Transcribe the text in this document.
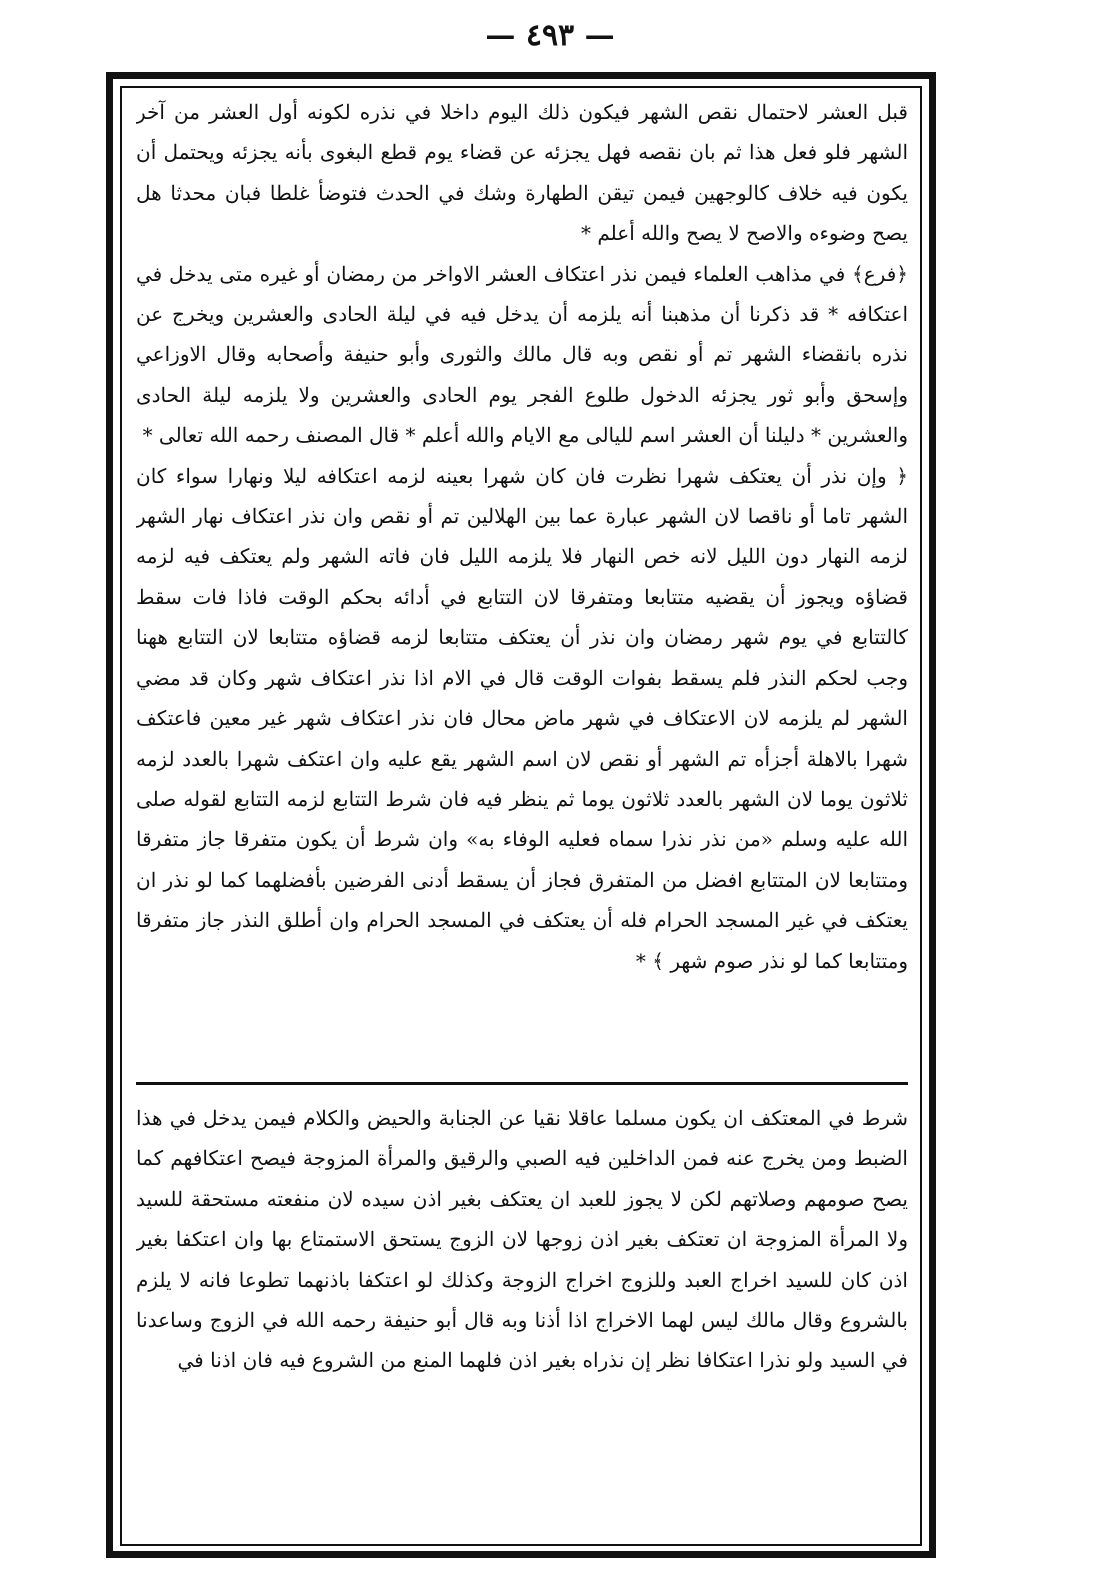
— ٤٩٣ —

قبل العشر لاحتمال نقص الشهر فيكون ذلك اليوم داخلا في نذره لكونه أول العشر من آخر الشهر فلو فعل هذا ثم بان نقصه فهل يجزئه عن قضاء يوم قطع البغوى بأنه يجزئه ويحتمل أن يكون فيه خلاف كالوجهين فيمن تيقن الطهارة وشك في الحدث فتوضأ غلطا فبان محدثا هل يصح وضوءه والاصح لا يصح والله أعلم *

﴿فرع﴾ في مذاهب العلماء فيمن نذر اعتكاف العشر الاواخر من رمضان أو غيره متى يدخل في اعتكافه * قد ذكرنا أن مذهبنا أنه يلزمه أن يدخل فيه في ليلة الحادى والعشرين ويخرج عن نذره بانقضاء الشهر تم أو نقص وبه قال مالك والثورى وأبو حنيفة وأصحابه وقال الاوزاعي وإسحق وأبو ثور يجزئه الدخول طلوع الفجر يوم الحادى والعشرين ولا يلزمه ليلة الحادى والعشرين * دليلنا أن العشر اسم لليالى مع الايام والله أعلم * قال المصنف رحمه الله تعالى *

﴿ وإن نذر أن يعتكف شهرا نظرت فان كان شهرا بعينه لزمه اعتكافه ليلا ونهارا سواء كان الشهر تاما أو ناقصا لان الشهر عبارة عما بين الهلالين تم أو نقص وان نذر اعتكاف نهار الشهر لزمه النهار دون الليل لانه خص النهار فلا يلزمه الليل فان فاته الشهر ولم يعتكف فيه لزمه قضاؤه ويجوز أن يقضيه متتابعا ومتفرقا لان التتابع في أدائه بحكم الوقت فاذا فات سقط كالتتابع في يوم شهر رمضان وان نذر أن يعتكف متتابعا لزمه قضاؤه متتابعا لان التتابع ههنا وجب لحكم النذر فلم يسقط بفوات الوقت قال في الام اذا نذر اعتكاف شهر وكان قد مضي الشهر لم يلزمه لان الاعتكاف في شهر ماض محال فان نذر اعتكاف شهر غير معين فاعتكف شهرا بالاهلة أجزأه تم الشهر أو نقص لان اسم الشهر يقع عليه وان اعتكف شهرا بالعدد لزمه ثلاثون يوما لان الشهر بالعدد ثلاثون يوما ثم ينظر فيه فان شرط التتابع لزمه التتابع لقوله صلى الله عليه وسلم «من نذر نذرا سماه فعليه الوفاء به» وان شرط أن يكون متفرقا جاز متفرقا ومتتابعا لان المتتابع افضل من المتفرق فجاز أن يسقط أدنى الفرضين بأفضلهما كما لو نذر ان يعتكف في غير المسجد الحرام فله أن يعتكف في المسجد الحرام وان أطلق النذر جاز متفرقا ومتتابعا كما لو نذر صوم شهر ﴾ *

شرط في المعتكف ان يكون مسلما عاقلا نقيا عن الجنابة والحيض والكلام فيمن يدخل في هذا الضبط ومن يخرج عنه فمن الداخلين فيه الصبي والرقيق والمرأة المزوجة فيصح اعتكافهم كما يصح صومهم وصلاتهم لكن لا يجوز للعبد ان يعتكف بغير اذن سيده لان منفعته مستحقة للسيد ولا المرأة المزوجة ان تعتكف بغير اذن زوجها لان الزوج يستحق الاستمتاع بها وان اعتكفا بغير اذن كان للسيد اخراج العبد وللزوج اخراج الزوجة وكذلك لو اعتكفا باذنهما تطوعا فانه لا يلزم بالشروع وقال مالك ليس لهما الاخراج اذا أذنا وبه قال أبو حنيفة رحمه الله في الزوج وساعدنا في السيد ولو نذرا اعتكافا نظر إن نذراه بغير اذن فلهما المنع من الشروع فيه فان اذنا في
